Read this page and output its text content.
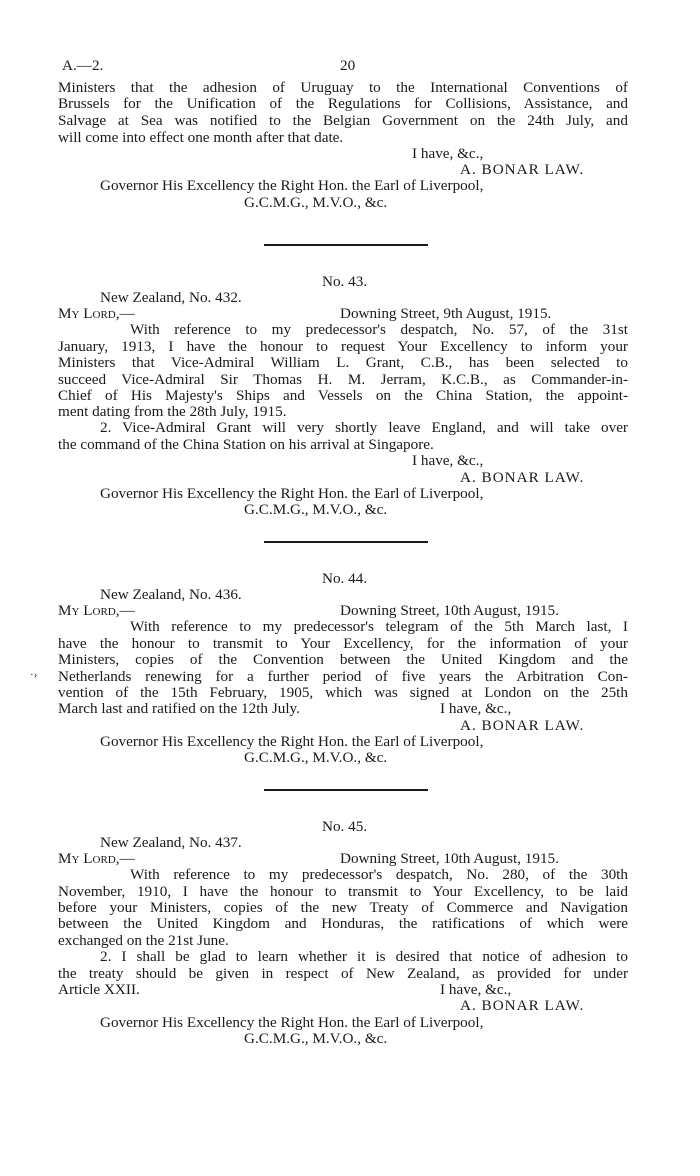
A.—2.	20
Ministers that the adhesion of Uruguay to the International Conventions of
Brussels for the Unification of the Regulations for Collisions, Assistance, and
Salvage at Sea was notified to the Belgian Government on the 24th July, and
will come into effect one month after that date.
I have, &c.,
A. BONAR LAW.
Governor His Excellency the Right Hon. the Earl of Liverpool,
G.C.M.G., M.V.O., &c.
No. 43.
New Zealand, No. 432.
My Lord,—	Downing Street, 9th August, 1915.
With reference to my predecessor's despatch, No. 57, of the 31st
January, 1913, I have the honour to request Your Excellency to inform your
Ministers that Vice-Admiral William L. Grant, C.B., has been selected to
succeed Vice-Admiral Sir Thomas H. M. Jerram, K.C.B., as Commander-in-
Chief of His Majesty's Ships and Vessels on the China Station, the appoint-
ment dating from the 28th July, 1915.
2. Vice-Admiral Grant will very shortly leave England, and will take over
the command of the China Station on his arrival at Singapore.
I have, &c.,
A. BONAR LAW.
Governor His Excellency the Right Hon. the Earl of Liverpool,
G.C.M.G., M.V.O., &c.
No. 44.
New Zealand, No. 436.
My Lord,—	Downing Street, 10th August, 1915.
With reference to my predecessor's telegram of the 5th March last, I
have the honour to transmit to Your Excellency, for the information of your
Ministers, copies of the Convention between the United Kingdom and the
·› Netherlands renewing for a further period of five years the Arbitration Con-
vention of the 15th February, 1905, which was signed at London on the 25th
March last and ratified on the 12th July.	I have, &c.,
A. BONAR LAW.
Governor His Excellency the Right Hon. the Earl of Liverpool,
G.C.M.G., M.V.O., &c.
No. 45.
New Zealand, No. 437.
My Lord,—	Downing Street, 10th August, 1915.
With reference to my predecessor's despatch, No. 280, of the 30th
November, 1910, I have the honour to transmit to Your Excellency, to be laid
before your Ministers, copies of the new Treaty of Commerce and Navigation
between the United Kingdom and Honduras, the ratifications of which were
exchanged on the 21st June.
2. I shall be glad to learn whether it is desired that notice of adhesion to
the treaty should be given in respect of New Zealand, as provided for under
Article XXII.	I have, &c.,
A. BONAR LAW.
Governor His Excellency the Right Hon. the Earl of Liverpool,
G.C.M.G., M.V.O., &c.
